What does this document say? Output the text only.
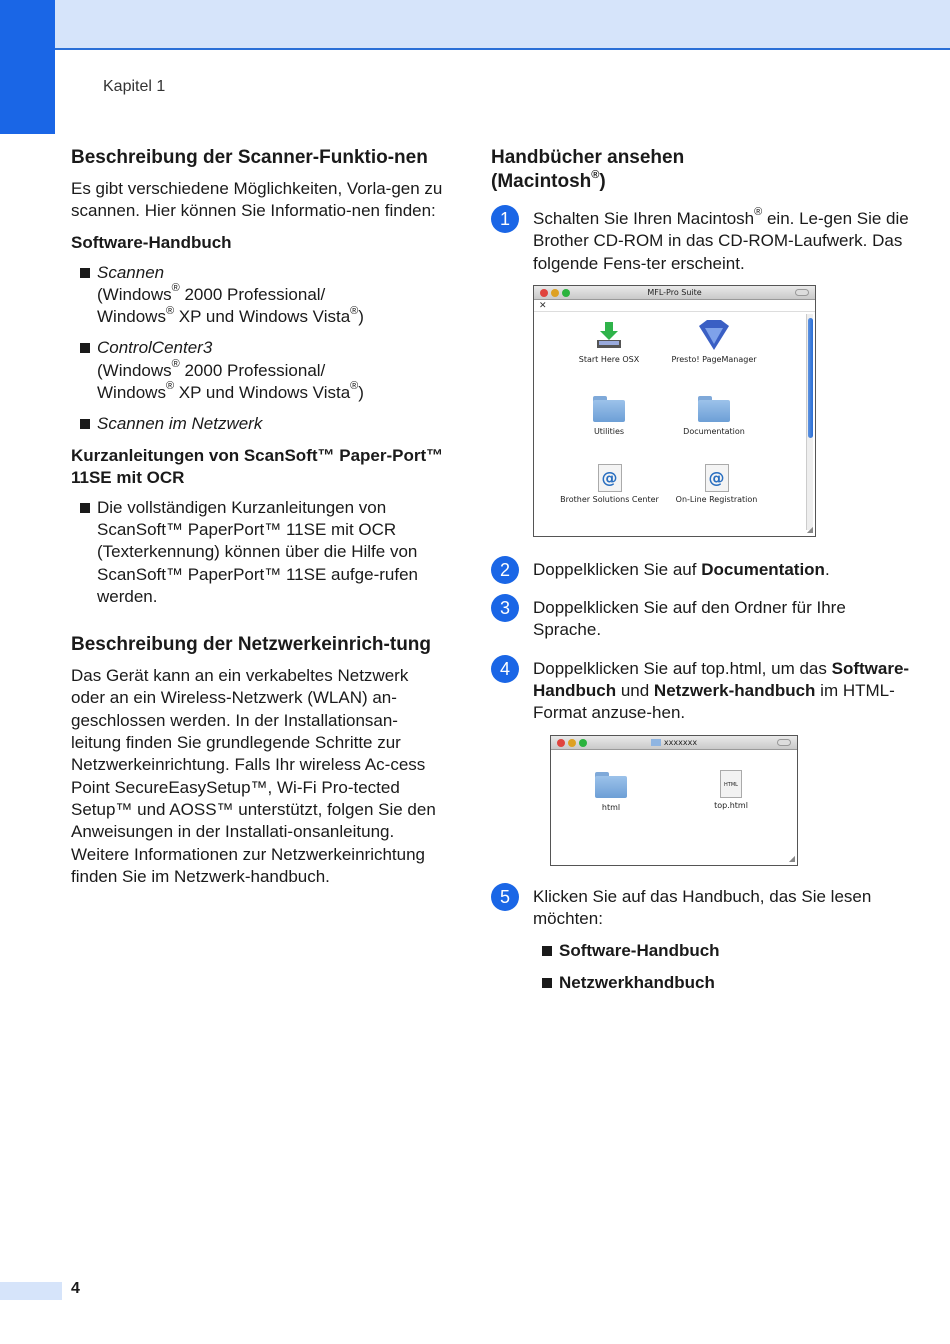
Kapitel 1
Beschreibung der Scanner-Funktio-nen

Es gibt verschiedene Möglichkeiten, Vorla-gen zu scannen. Hier können Sie Informatio-nen finden:

Software-Handbuch
Scannen
(Windows® 2000 Professional/
Windows® XP und Windows Vista®)
ControlCenter3
(Windows® 2000 Professional/
Windows® XP und Windows Vista®)
Scannen im Netzwerk
Kurzanleitungen von ScanSoft™ Paper-Port™ 11SE mit OCR
Die vollständigen Kurzanleitungen von ScanSoft™ PaperPort™ 11SE mit OCR (Texterkennung) können über die Hilfe von ScanSoft™ PaperPort™ 11SE aufge-rufen werden.
Beschreibung der Netzwerkeinrich-tung

Das Gerät kann an ein verkabeltes Netzwerk oder an ein Wireless-Netzwerk (WLAN) an-geschlossen werden. In der Installationsan-leitung finden Sie grundlegende Schritte zur Netzwerkeinrichtung. Falls Ihr wireless Ac-cess Point SecureEasySetup™, Wi-Fi Pro-tected Setup™ und AOSS™ unterstützt, folgen Sie den Anweisungen in der Installati-onsanleitung. Weitere Informationen zur Netzwerkeinrichtung finden Sie im Netzwerk-handbuch.

Handbücher ansehen
(Macintosh®)
1	Schalten Sie Ihren Macintosh® ein. Le-gen Sie die Brother CD-ROM in das CD-ROM-Laufwerk. Das folgende Fens-ter erscheint.

MFL-Pro Suite
✕
Start Here OSX	Presto! PageManager
Utilities	Documentation
@
Brother Solutions Center
@
On-Line Registration
◢
2	Doppelklicken Sie auf Documentation.

3	Doppelklicken Sie auf den Ordner für Ihre Sprache.

4	Doppelklicken Sie auf top.html, um das Software-Handbuch und Netzwerk-handbuch im HTML-Format anzuse-hen.

xxxxxxx
html
HTML
top.html
◢
5	Klicken Sie auf das Handbuch, das Sie lesen möchten:

Software-Handbuch
Netzwerkhandbuch
4
